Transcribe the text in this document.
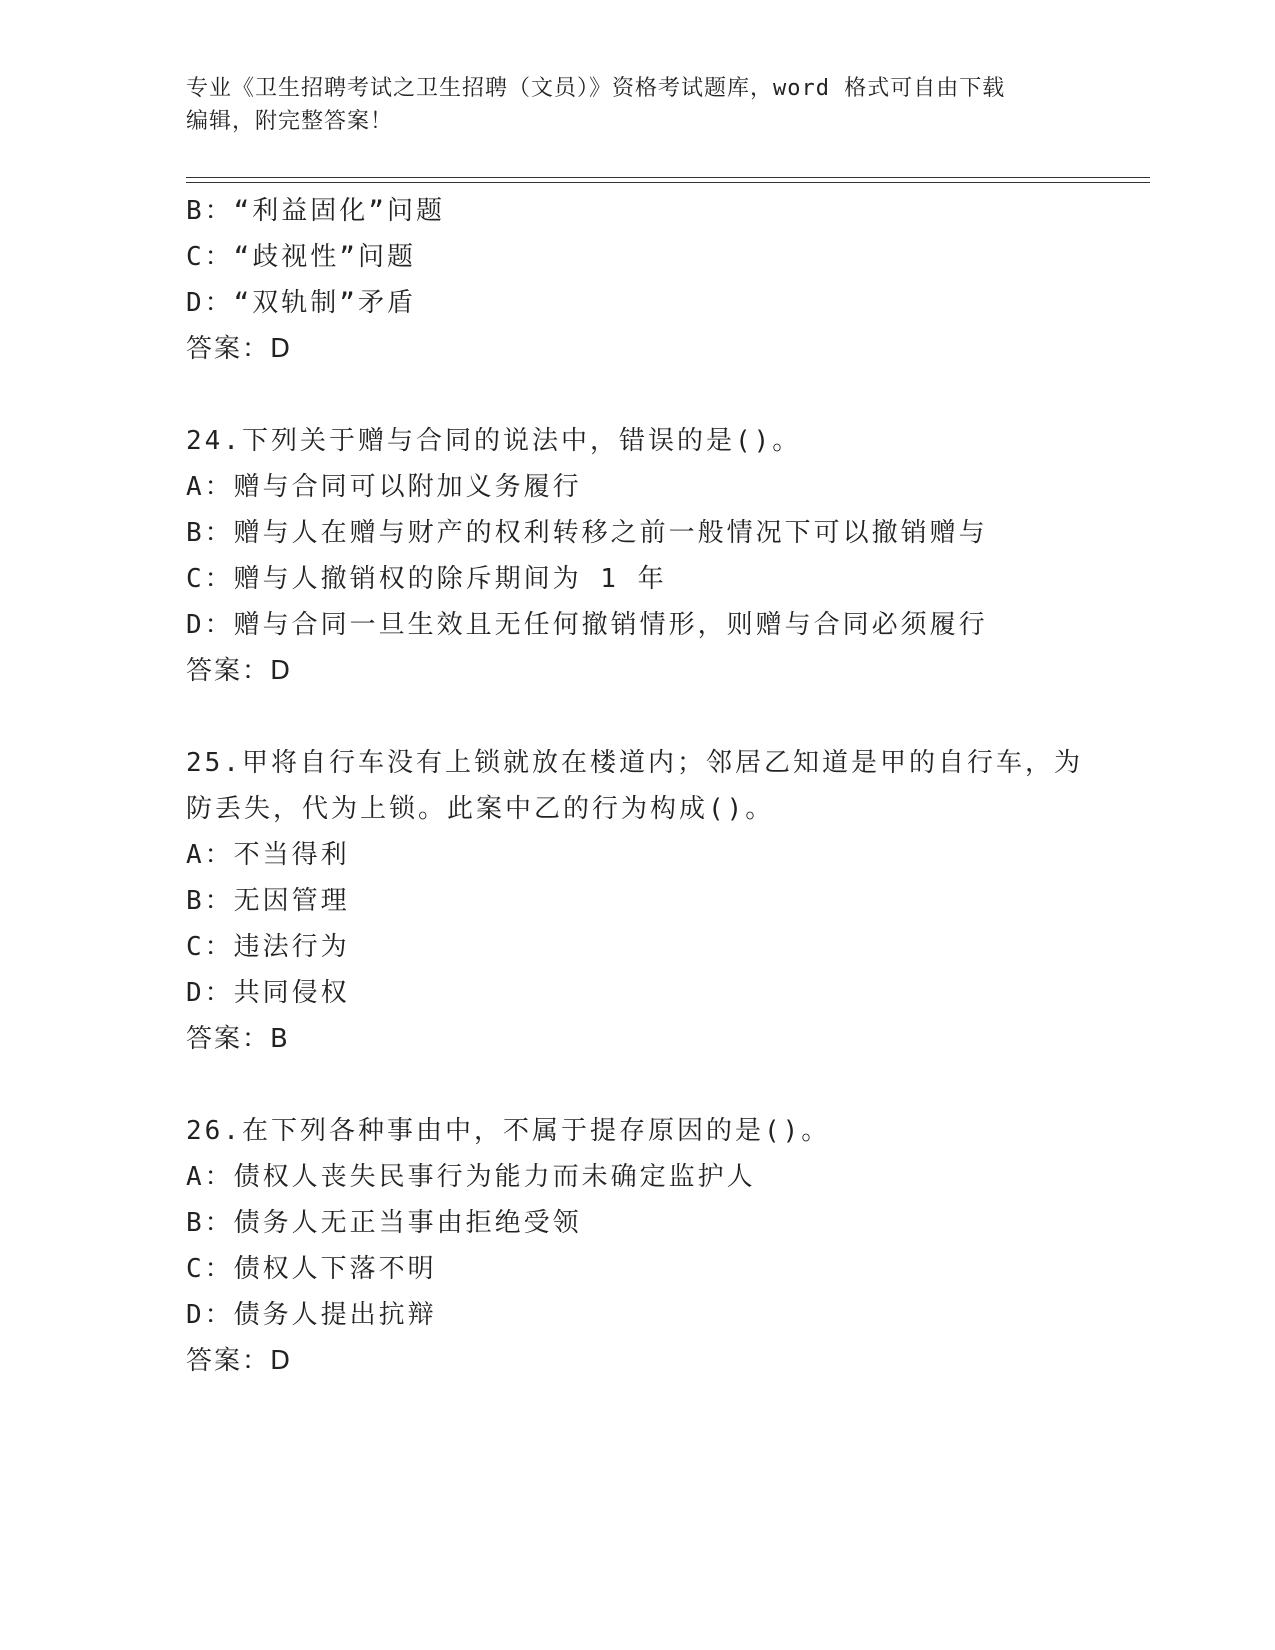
专业《卫生招聘考试之卫生招聘（文员）》资格考试题库，word 格式可自由下载
编辑，附完整答案！
B：“利益固化”问题
C：“歧视性”问题
D：“双轨制”矛盾
答案：D
24.下列关于赠与合同的说法中，错误的是()。
A：赠与合同可以附加义务履行
B：赠与人在赠与财产的权利转移之前一般情况下可以撤销赠与
C：赠与人撤销权的除斥期间为 1 年
D：赠与合同一旦生效且无任何撤销情形，则赠与合同必须履行
答案：D
25.甲将自行车没有上锁就放在楼道内；邻居乙知道是甲的自行车，为
防丢失，代为上锁。此案中乙的行为构成()。
A：不当得利
B：无因管理
C：违法行为
D：共同侵权
答案：B
26.在下列各种事由中，不属于提存原因的是()。
A：债权人丧失民事行为能力而未确定监护人
B：债务人无正当事由拒绝受领
C：债权人下落不明
D：债务人提出抗辩
答案：D
